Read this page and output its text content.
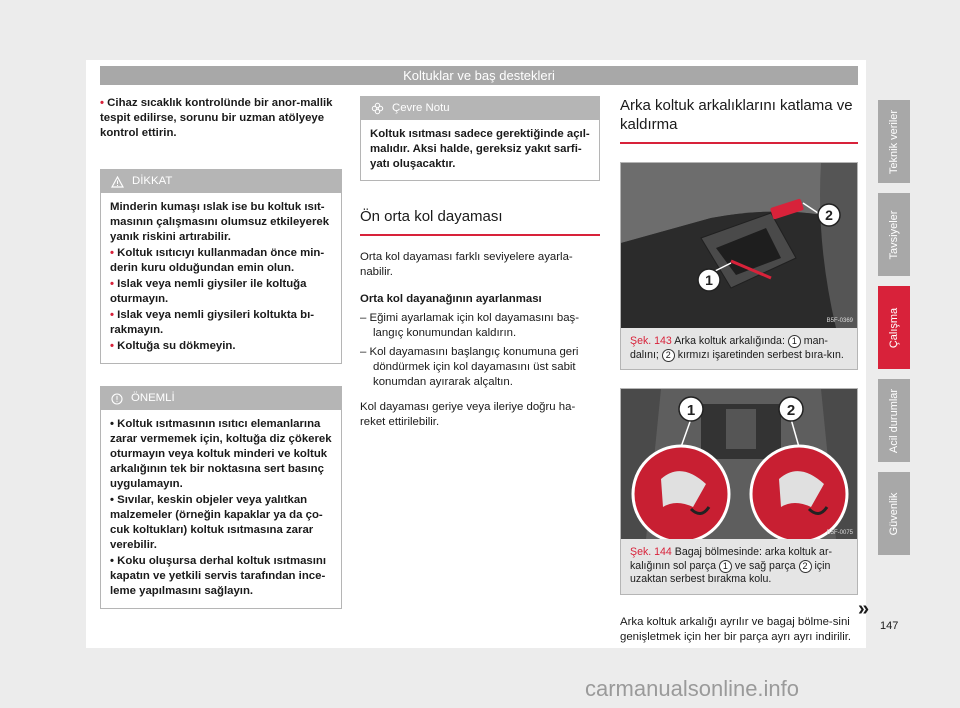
Koltuklar ve baş destekleri

• Cihaz sıcaklık kontrolünde bir anor-mallik tespit edilirse, sorunu bir uzman atölyeye kontrol ettirin.

DİKKAT

Minderin kumaşı ıslak ise bu koltuk ısıt-masının çalışmasını olumsuz etkileyerek yanık riskini artırabilir.

• Koltuk ısıtıcıyı kullanmadan önce min-derin kuru olduğundan emin olun.

• Islak veya nemli giysiler ile koltuğa oturmayın.

• Islak veya nemli giysileri koltukta bı-rakmayın.

• Koltuğa su dökmeyin.

ÖNEMLİ

• Koltuk ısıtmasının ısıtıcı elemanlarına zarar vermemek için, koltuğa diz çökerek oturmayın veya koltuk minderi ve koltuk arkalığının tek bir noktasına sert basınç uygulamayın.

• Sıvılar, keskin objeler veya yalıtkan malzemeler (örneğin kapaklar ya da ço-cuk koltukları) koltuk ısıtmasına zarar verebilir.

• Koku oluşursa derhal koltuk ısıtmasını kapatın ve yetkili servis tarafından ince-leme yapılmasını sağlayın.

Çevre Notu
Koltuk ısıtması sadece gerektiğinde açıl-malıdır. Aksi halde, gereksiz yakıt sarfi-yatı oluşacaktır.
Ön orta kol dayaması

Orta kol dayaması farklı seviyelere ayarla-nabilir.

Orta kol dayanağının ayarlanması

– Eğimi ayarlamak için kol dayamasını baş-langıç konumundan kaldırın.

– Kol dayamasını başlangıç konumuna geri döndürmek için kol dayamasını üst sabit konumdan ayırarak alçaltın.

Kol dayaması geriye veya ileriye doğru ha-reket ettirilebilir.

Arka koltuk arkalıklarını katlama ve kaldırma
2
1
B5F-0369
Şek. 143 Arka koltuk arkalığında: 1 man-dalını; 2 kırmızı işaretinden serbest bıra-kın.
1	2
B5F-0075
Şek. 144 Bagaj bölmesinde: arka koltuk ar-kalığının sol parça 1 ve sağ parça 2 için uzaktan serbest bırakma kolu.

Arka koltuk arkalığı ayrılır ve bagaj bölme-sini genişletmek için her bir parça ayrı ayrı indirilir.

Teknik veriler
Tavsiyeler
Çalışma
Acil durumlar
Güvenlik
»
147
carmanualsonline.info
